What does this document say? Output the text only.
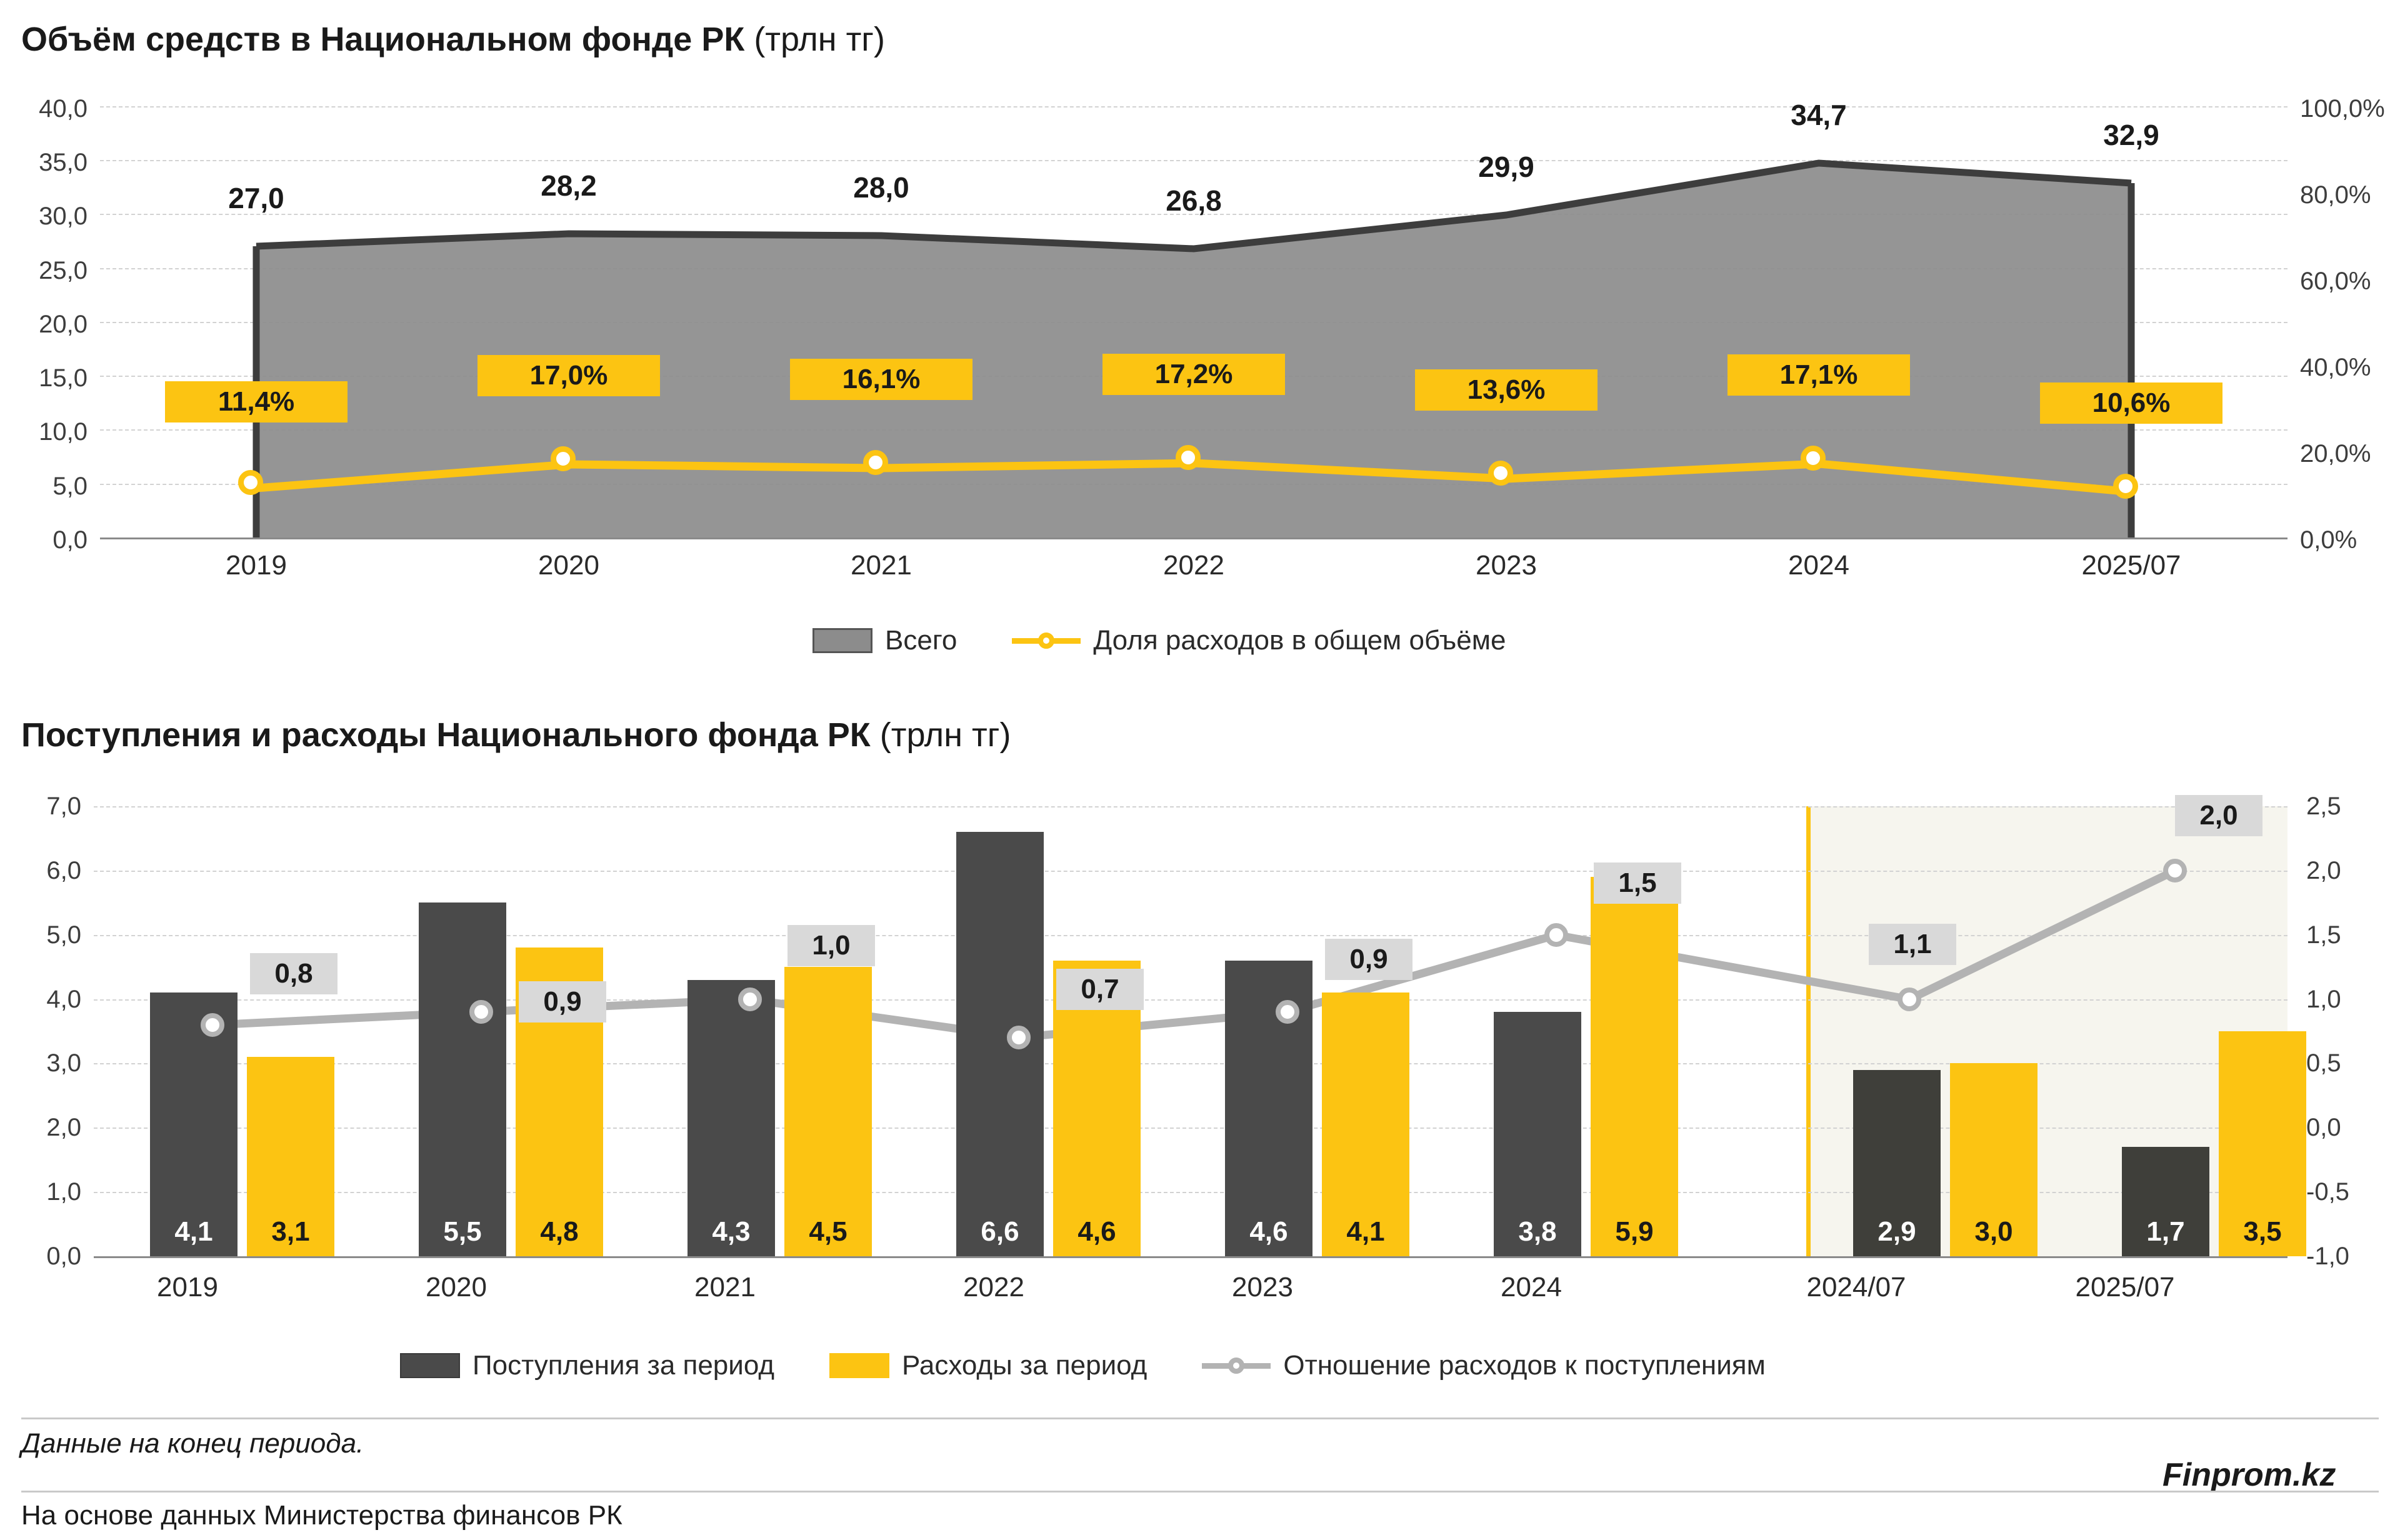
Объём средств в Национальном фонде РК (трлн тг)
27,0	28,2	28,0	26,8
29,9
34,7
32,9
11,4%
17,0%	16,1%	17,2%
13,6%	17,1%
10,6%
40,0
35,0
30,0
25,0
20,0
15,0
10,0
5,0
0,0
100,0%
80,0%
60,0%
40,0%
20,0%
0,0%
2019	2020	2021	2022	2023	2024	2025/07
Всего	Доля расходов в общем объёме
Поступления и расходы Национального фонда РК (трлн тг)
4,1	3,1	5,5	4,8	4,3	4,5	6,6	4,6	4,6	4,1	3,8	5,9	2,9	3,0	1,7	3,5
0,8
0,9
1,0
0,7
0,9
1,5
1,1
2,0
7,0
6,0
5,0
4,0
3,0
2,0
1,0
0,0
2,5
2,0
1,5
1,0
0,5
0,0
-0,5
-1,0
2019	2020	2021	2022	2023	2024	2024/07	2025/07
Поступления за период	Расходы за период	Отношение расходов к поступлениям
Данные на конец периода.
Finprom.kz
На основе данных Министерства финансов РК
